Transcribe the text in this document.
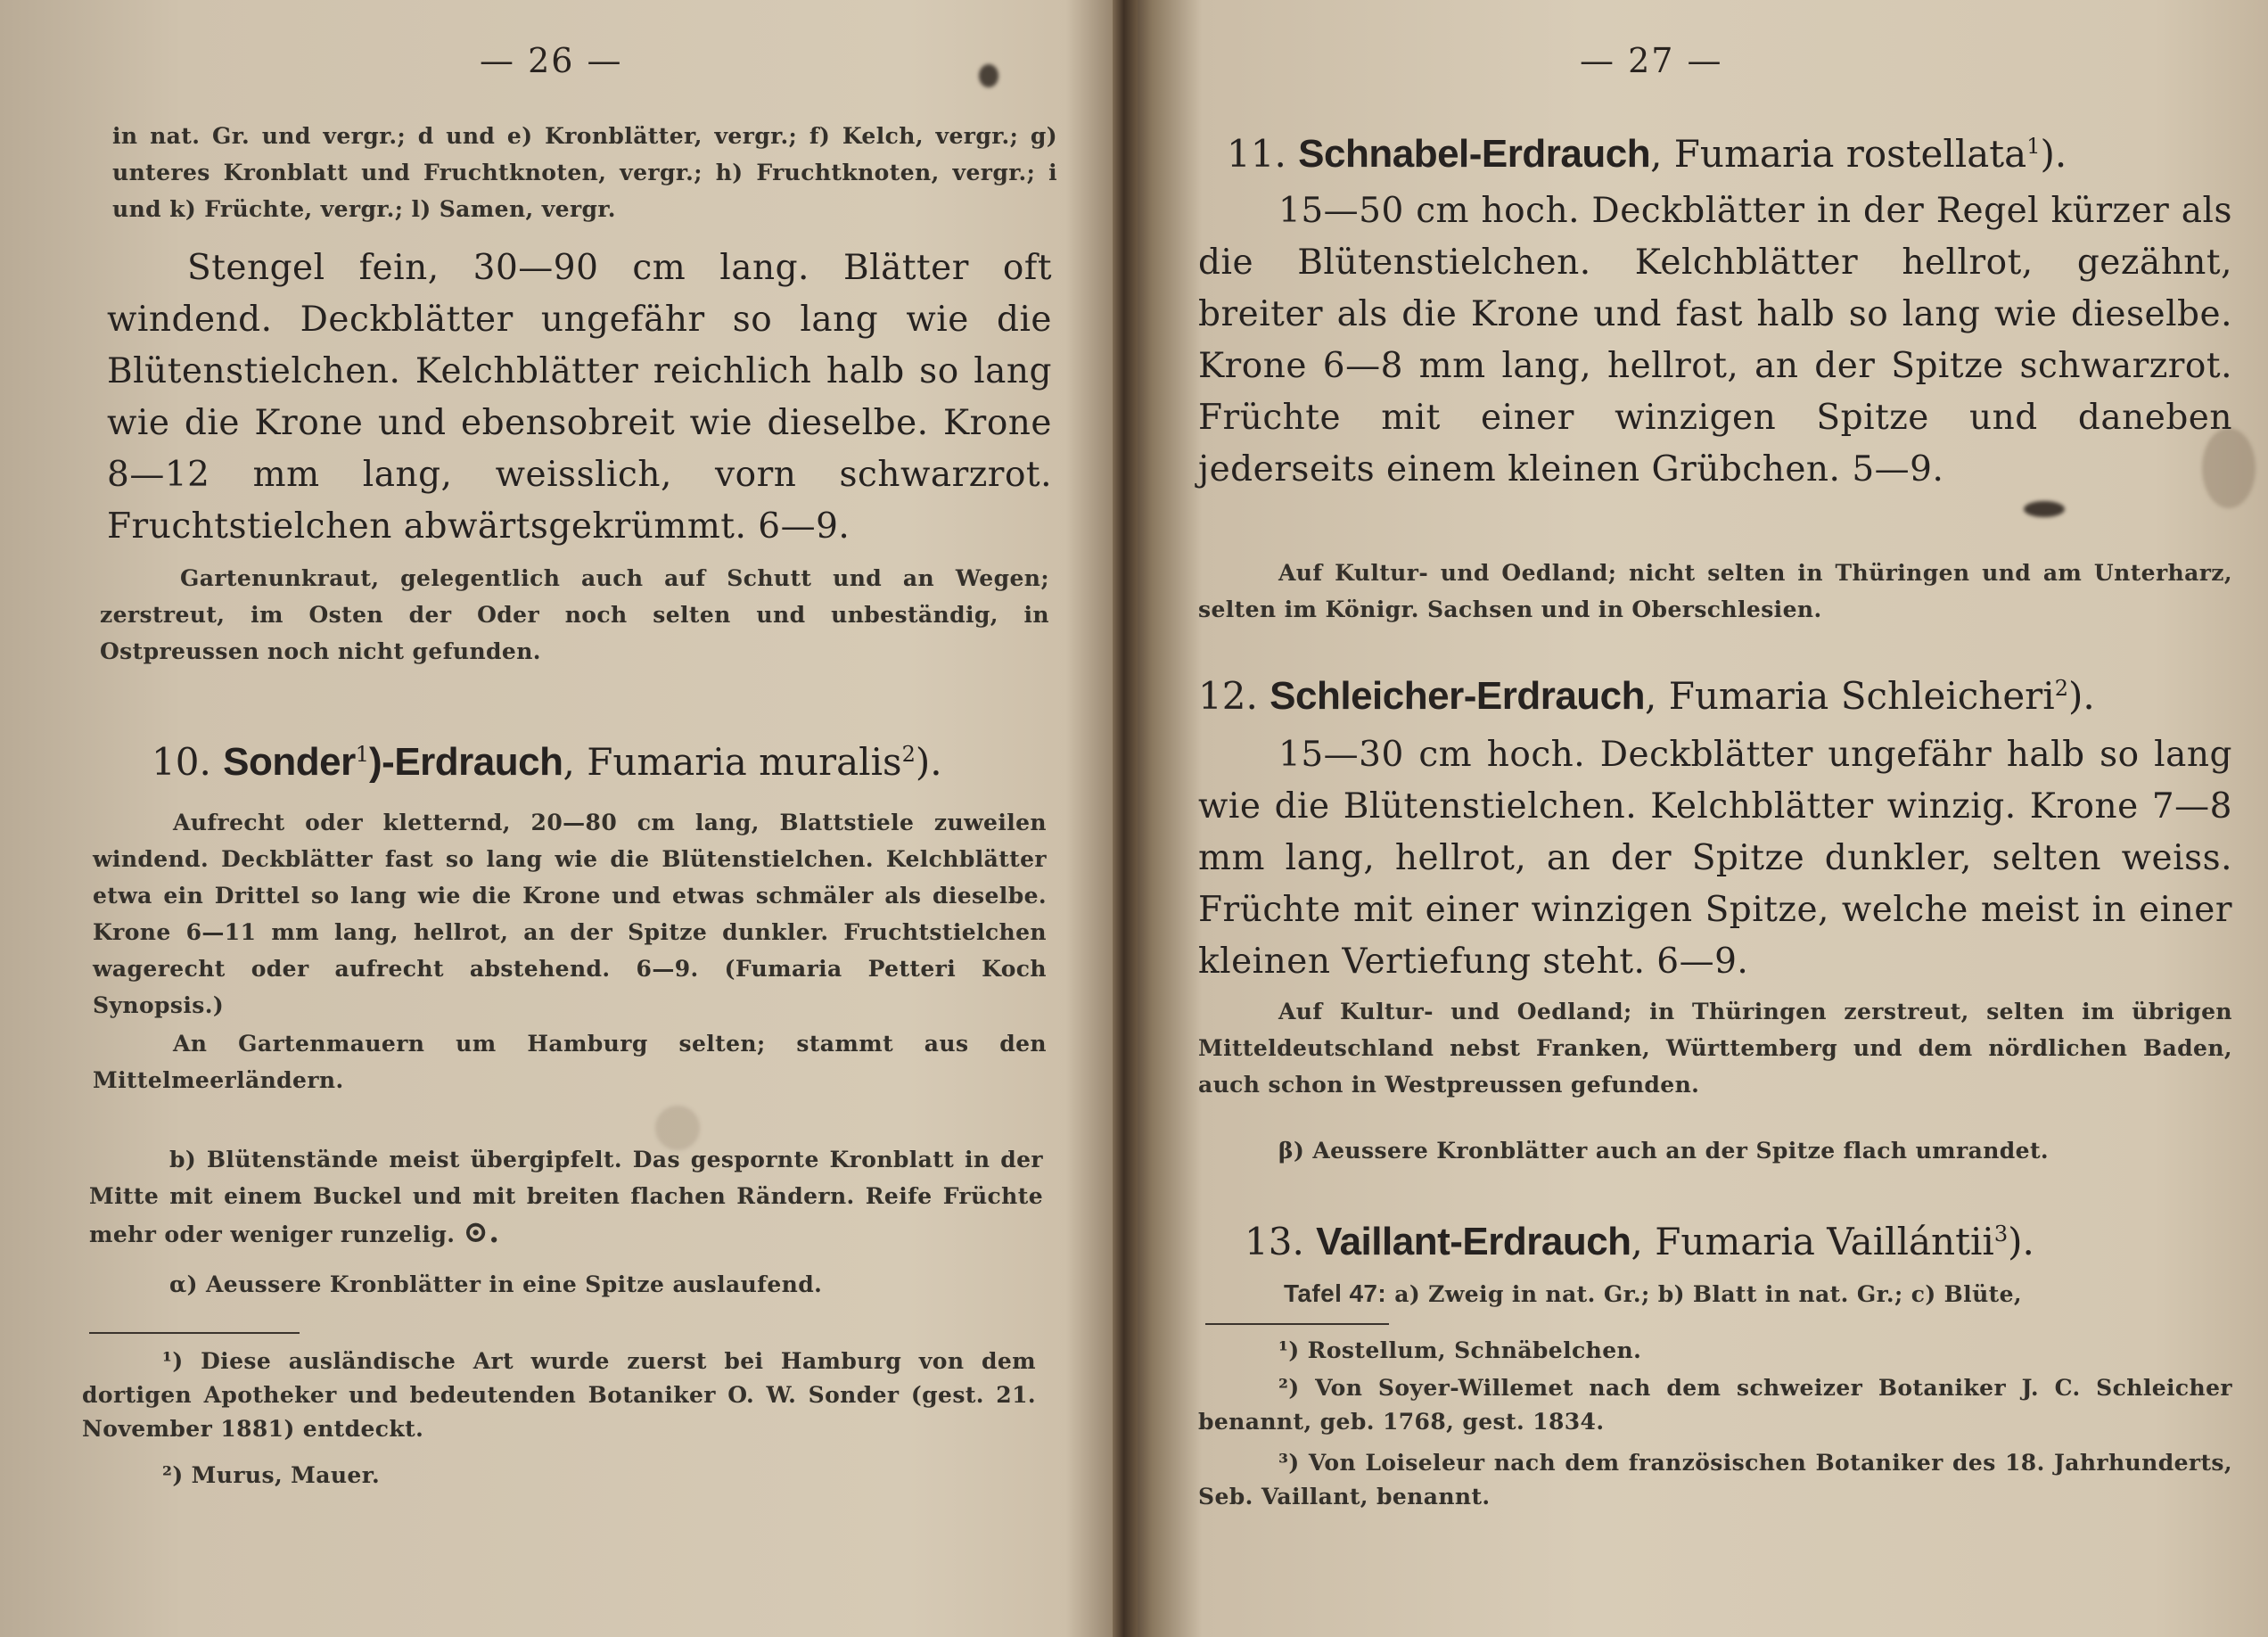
— 26 —

in nat. Gr. und vergr.; d und e) Kronblätter, vergr.; f) Kelch, vergr.; g) unteres Kronblatt und Fruchtknoten, vergr.; h) Fruchtknoten, vergr.; i und k) Früchte, vergr.; l) Samen, vergr.

Stengel fein, 30—90 cm lang. Blätter oft windend. Deckblätter ungefähr so lang wie die Blütenstielchen. Kelchblätter reichlich halb so lang wie die Krone und ebensobreit wie dieselbe. Krone 8—12 mm lang, weisslich, vorn schwarzrot. Fruchtstielchen abwärtsgekrümmt. 6—9.

Gartenunkraut, gelegentlich auch auf Schutt und an Wegen; zerstreut, im Osten der Oder noch selten und unbeständig, in Ostpreussen noch nicht gefunden.

10. Sonder$^1$)-Erdrauch, Fumaria muralis$^2$).

Aufrecht oder kletternd, 20—80 cm lang, Blattstiele zuweilen windend. Deckblätter fast so lang wie die Blütenstielchen. Kelchblätter etwa ein Drittel so lang wie die Krone und etwas schmäler als dieselbe. Krone 6—11 mm lang, hellrot, an der Spitze dunkler. Fruchtstielchen wagerecht oder aufrecht abstehend. 6—9. (Fumaria Petteri Koch Synopsis.)

An Gartenmauern um Hamburg selten; stammt aus den Mittelmeerländern.

b) Blütenstände meist übergipfelt. Das gespornte Kronblatt in der Mitte mit einem Buckel und mit breiten flachen Rändern. Reife Früchte mehr oder weniger runzelig. ⊙.

α) Aeussere Kronblätter in eine Spitze auslaufend.

¹) Diese ausländische Art wurde zuerst bei Hamburg von dem dortigen Apotheker und bedeutenden Botaniker O. W. Sonder (gest. 21. November 1881) entdeckt.

²) Murus, Mauer.

— 27 —
11. Schnabel-Erdrauch, Fumaria rostellata$^1$).

15—50 cm hoch. Deckblätter in der Regel kürzer als die Blütenstielchen. Kelchblätter hellrot, gezähnt, breiter als die Krone und fast halb so lang wie dieselbe. Krone 6—8 mm lang, hellrot, an der Spitze schwarzrot. Früchte mit einer winzigen Spitze und daneben jederseits einem kleinen Grübchen. 5—9.

Auf Kultur- und Oedland; nicht selten in Thüringen und am Unterharz, selten im Königr. Sachsen und in Oberschlesien.

12. Schleicher-Erdrauch, Fumaria Schleicheri$^2$).

15—30 cm hoch. Deckblätter ungefähr halb so lang wie die Blütenstielchen. Kelchblätter winzig. Krone 7—8 mm lang, hellrot, an der Spitze dunkler, selten weiss. Früchte mit einer winzigen Spitze, welche meist in einer kleinen Vertiefung steht. 6—9.

Auf Kultur- und Oedland; in Thüringen zerstreut, selten im übrigen Mitteldeutschland nebst Franken, Württemberg und dem nördlichen Baden, auch schon in Westpreussen gefunden.

β) Aeussere Kronblätter auch an der Spitze flach umrandet.

13. Vaillant-Erdrauch, Fumaria Vaillántii$^3$).

Tafel 47: a) Zweig in nat. Gr.; b) Blatt in nat. Gr.; c) Blüte,

¹) Rostellum, Schnäbelchen.

²) Von Soyer-Willemet nach dem schweizer Botaniker J. C. Schleicher benannt, geb. 1768, gest. 1834.

³) Von Loiseleur nach dem französischen Botaniker des 18. Jahrhunderts, Seb. Vaillant, benannt.
